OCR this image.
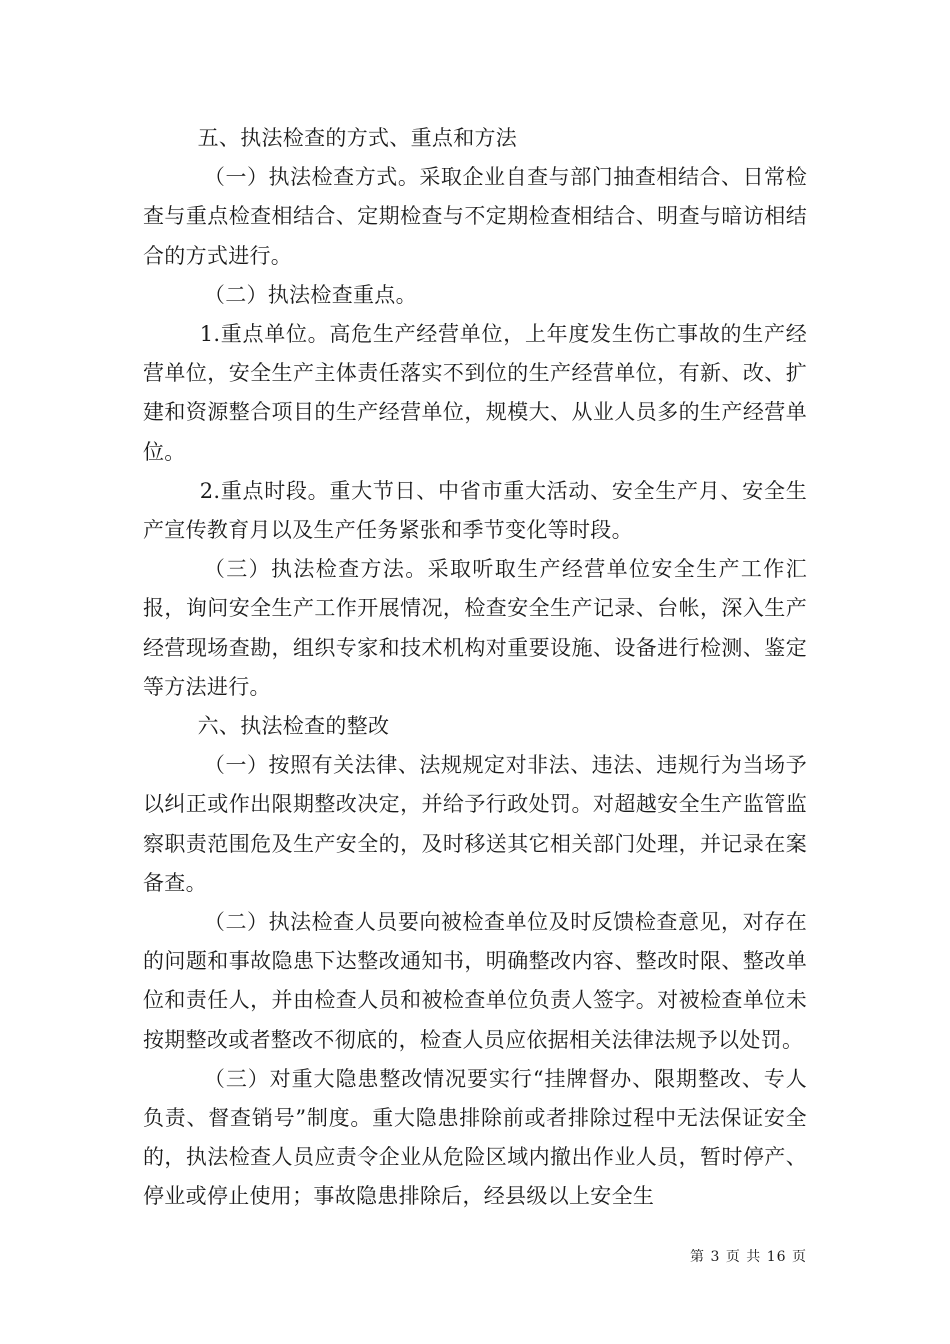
五、执法检查的方式、重点和方法

（一）执法检查方式。采取企业自查与部门抽查相结合、日常检查与重点检查相结合、定期检查与不定期检查相结合、明查与暗访相结合的方式进行。

（二）执法检查重点。

1.重点单位。高危生产经营单位，上年度发生伤亡事故的生产经营单位，安全生产主体责任落实不到位的生产经营单位，有新、改、扩建和资源整合项目的生产经营单位，规模大、从业人员多的生产经营单位。

2.重点时段。重大节日、中省市重大活动、安全生产月、安全生产宣传教育月以及生产任务紧张和季节变化等时段。

（三）执法检查方法。采取听取生产经营单位安全生产工作汇报，询问安全生产工作开展情况，检查安全生产记录、台帐，深入生产经营现场查勘，组织专家和技术机构对重要设施、设备进行检测、鉴定等方法进行。

六、执法检查的整改

（一）按照有关法律、法规规定对非法、违法、违规行为当场予以纠正或作出限期整改决定，并给予行政处罚。对超越安全生产监管监察职责范围危及生产安全的，及时移送其它相关部门处理，并记录在案备查。

（二）执法检查人员要向被检查单位及时反馈检查意见，对存在的问题和事故隐患下达整改通知书，明确整改内容、整改时限、整改单位和责任人，并由检查人员和被检查单位负责人签字。对被检查单位未按期整改或者整改不彻底的，检查人员应依据相关法律法规予以处罚。

（三）对重大隐患整改情况要实行“挂牌督办、限期整改、专人负责、督查销号”制度。重大隐患排除前或者排除过程中无法保证安全的，执法检查人员应责令企业从危险区域内撤出作业人员，暂时停产、停业或停止使用；事故隐患排除后，经县级以上安全生

第 3 页 共 16 页
